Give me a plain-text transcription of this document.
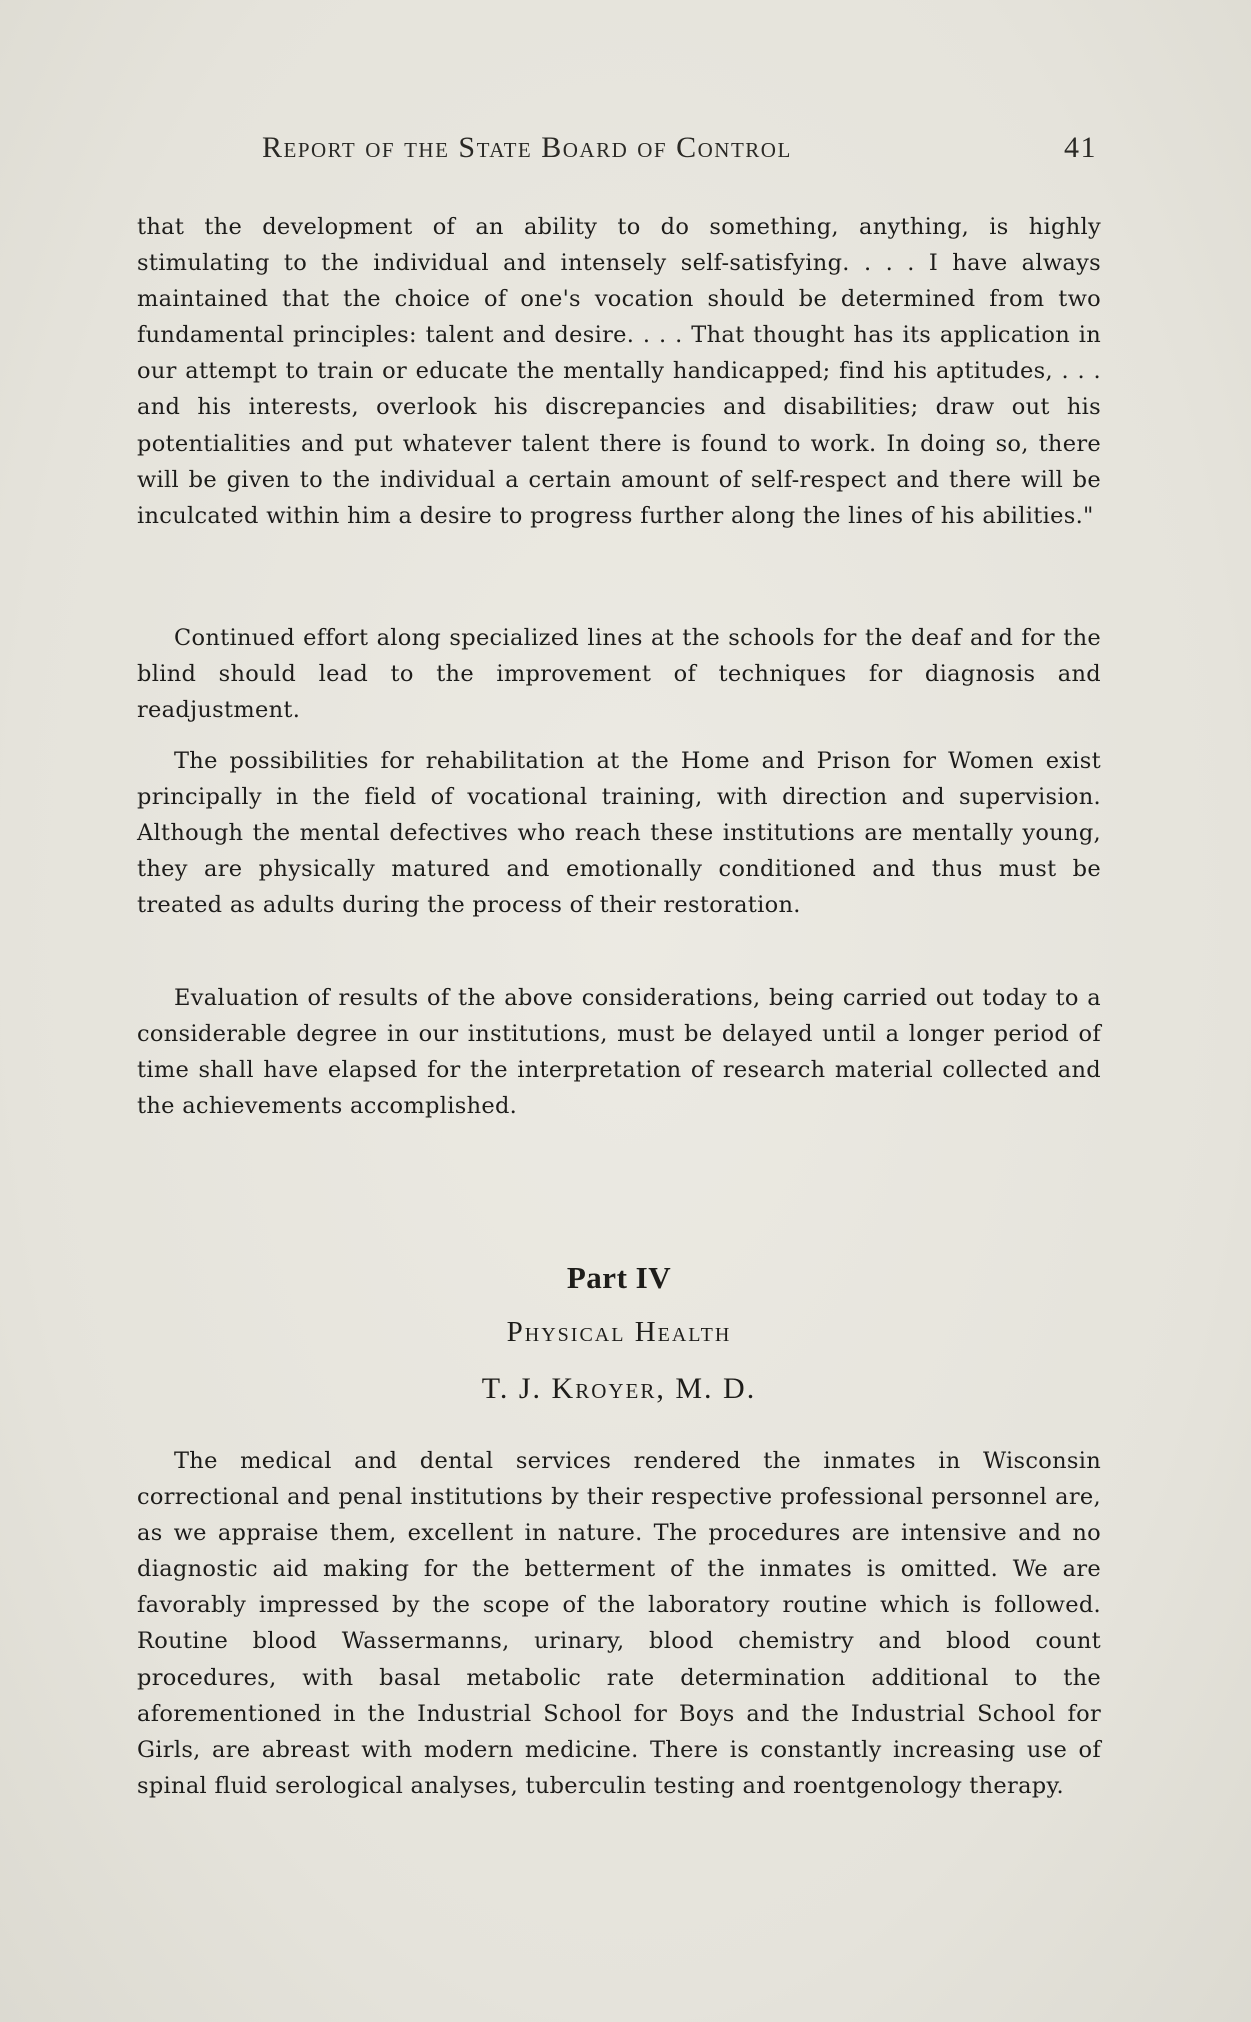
Report of the State Board of Control	41

that the development of an ability to do something, anything, is highly stimulating to the individual and intensely self-satisfying. . . . I have always maintained that the choice of one's vocation should be determined from two fundamental principles: talent and desire. . . . That thought has its application in our attempt to train or educate the mentally handicapped; find his aptitudes, . . . and his interests, overlook his discrepancies and disabilities; draw out his potentialities and put whatever talent there is found to work. In doing so, there will be given to the individual a certain amount of self-respect and there will be inculcated within him a desire to progress further along the lines of his abilities."

Continued effort along specialized lines at the schools for the deaf and for the blind should lead to the improvement of techniques for diagnosis and readjustment.

The possibilities for rehabilitation at the Home and Prison for Women exist principally in the field of vocational training, with direction and supervision. Although the mental defectives who reach these institutions are mentally young, they are physically matured and emotionally conditioned and thus must be treated as adults during the process of their restoration.

Evaluation of results of the above considerations, being carried out today to a considerable degree in our institutions, must be delayed until a longer period of time shall have elapsed for the interpretation of research material collected and the achievements accomplished.

Part IV
Physical Health
T. J. Kroyer, M. D.

The medical and dental services rendered the inmates in Wisconsin correctional and penal institutions by their respective professional personnel are, as we appraise them, excellent in nature. The procedures are intensive and no diagnostic aid making for the betterment of the inmates is omitted. We are favorably impressed by the scope of the laboratory routine which is followed. Routine blood Wassermanns, urinary, blood chemistry and blood count procedures, with basal metabolic rate determination additional to the aforementioned in the Industrial School for Boys and the Industrial School for Girls, are abreast with modern medicine. There is constantly increasing use of spinal fluid serological analyses, tuberculin testing and roentgenology therapy.
